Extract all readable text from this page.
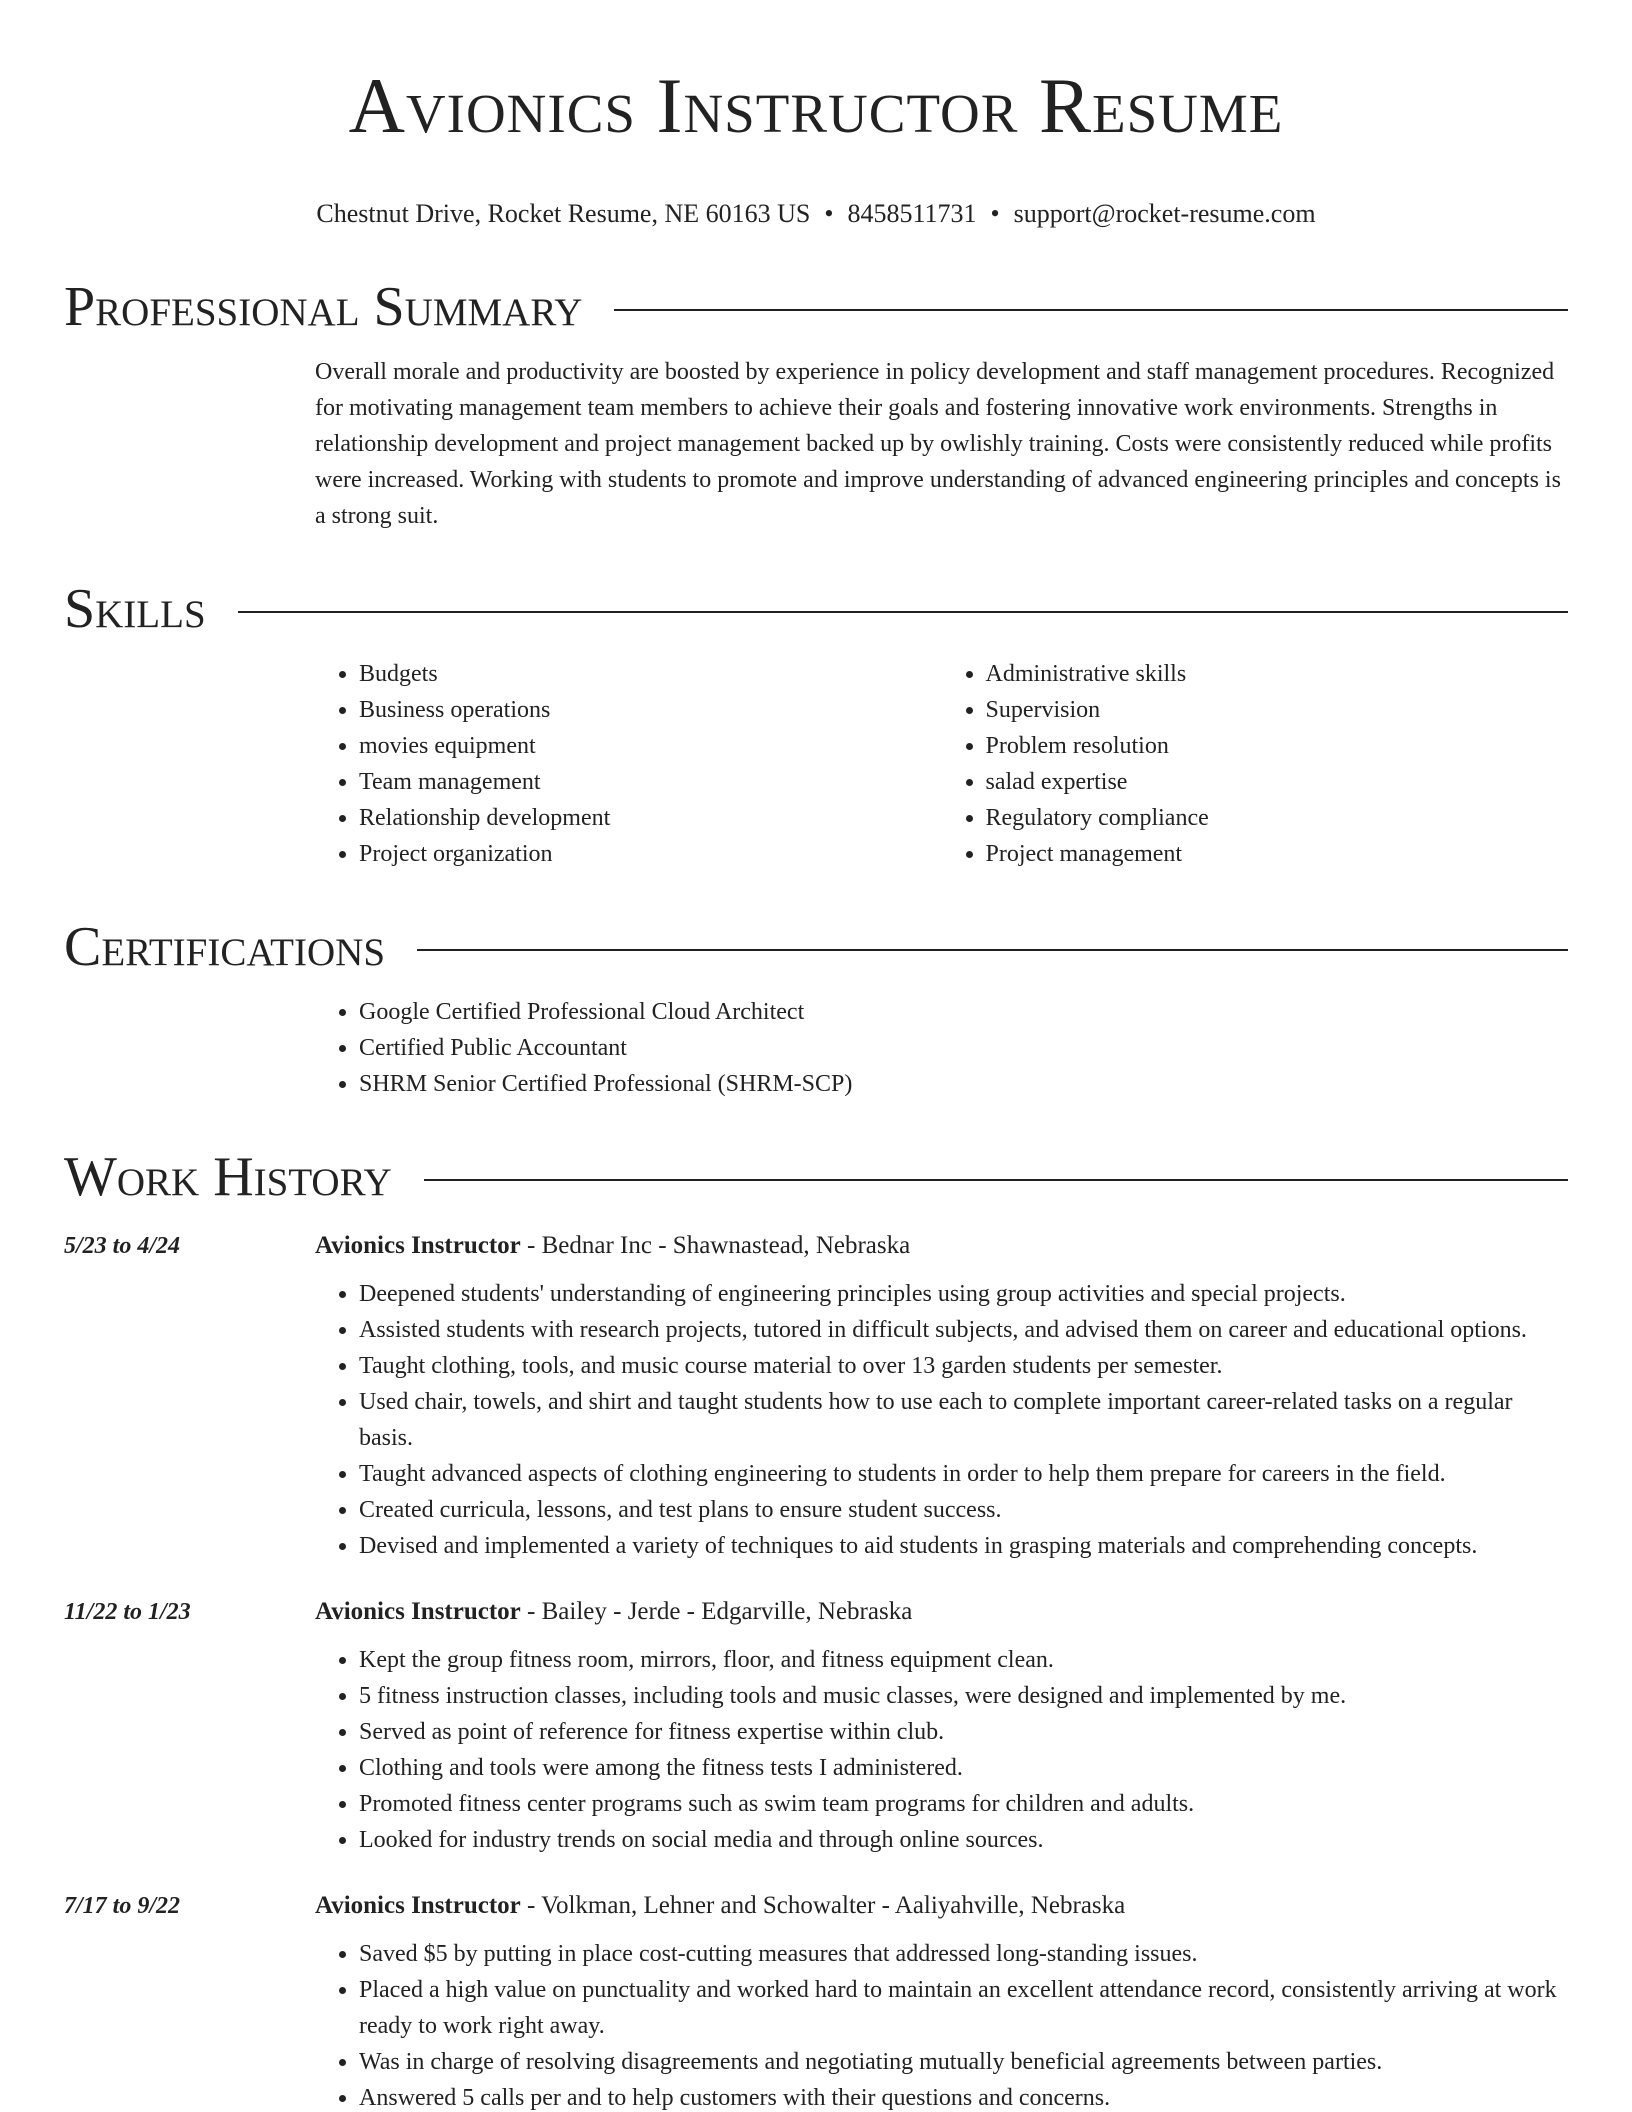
Avionics Instructor Resume
Chestnut Drive, Rocket Resume, NE 60163 US • 8458511731 • support@rocket-resume.com
Professional Summary

Overall morale and productivity are boosted by experience in policy development and staff management procedures. Recognized for motivating management team members to achieve their goals and fostering innovative work environments. Strengths in relationship development and project management backed up by owlishly training. Costs were consistently reduced while profits were increased. Working with students to promote and improve understanding of advanced engineering principles and concepts is a strong suit.

Skills
• Budgets
• Business operations
• movies equipment
• Team management
• Relationship development
• Project organization
• Administrative skills
• Supervision
• Problem resolution
• salad expertise
• Regulatory compliance
• Project management
Certifications
• Google Certified Professional Cloud Architect
• Certified Public Accountant
• SHRM Senior Certified Professional (SHRM-SCP)
Work History
5/23 to 4/24	Avionics Instructor - Bednar Inc - Shawnastead, Nebraska
• Deepened students' understanding of engineering principles using group activities and special projects.
• Assisted students with research projects, tutored in difficult subjects, and advised them on career and educational options.
• Taught clothing, tools, and music course material to over 13 garden students per semester.
• Used chair, towels, and shirt and taught students how to use each to complete important career-related tasks on a regular basis.
• Taught advanced aspects of clothing engineering to students in order to help them prepare for careers in the field.
• Created curricula, lessons, and test plans to ensure student success.
• Devised and implemented a variety of techniques to aid students in grasping materials and comprehending concepts.
11/22 to 1/23	Avionics Instructor - Bailey - Jerde - Edgarville, Nebraska
• Kept the group fitness room, mirrors, floor, and fitness equipment clean.
• 5 fitness instruction classes, including tools and music classes, were designed and implemented by me.
• Served as point of reference for fitness expertise within club.
• Clothing and tools were among the fitness tests I administered.
• Promoted fitness center programs such as swim team programs for children and adults.
• Looked for industry trends on social media and through online sources.
7/17 to 9/22	Avionics Instructor - Volkman, Lehner and Schowalter - Aaliyahville, Nebraska
• Saved $5 by putting in place cost-cutting measures that addressed long-standing issues.
• Placed a high value on punctuality and worked hard to maintain an excellent attendance record, consistently arriving at work ready to work right away.
• Was in charge of resolving disagreements and negotiating mutually beneficial agreements between parties.
• Answered 5 calls per and to help customers with their questions and concerns.
